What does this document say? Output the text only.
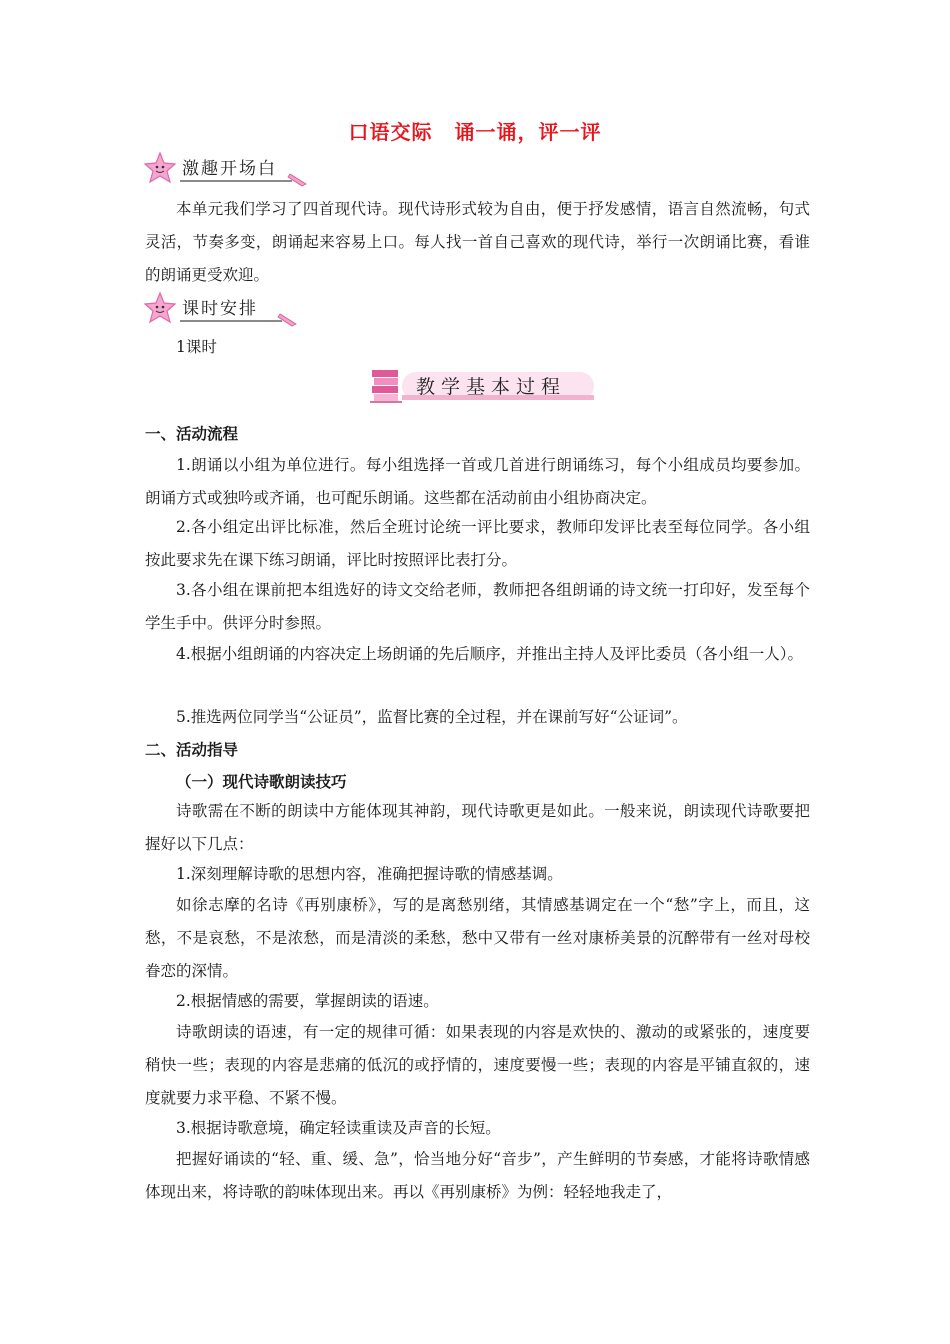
口语交际 诵一诵，评一评
激趣开场白

本单元我们学习了四首现代诗。现代诗形式较为自由，便于抒发感情，语言自然流畅，句式灵活，节奏多变，朗诵起来容易上口。每人找一首自己喜欢的现代诗，举行一次朗诵比赛，看谁的朗诵更受欢迎。

课时安排

1课时

教学基本过程
一、活动流程

1.朗诵以小组为单位进行。每小组选择一首或几首进行朗诵练习，每个小组成员均要参加。朗诵方式或独吟或齐诵，也可配乐朗诵。这些都在活动前由小组协商决定。

2.各小组定出评比标准，然后全班讨论统一评比要求，教师印发评比表至每位同学。各小组按此要求先在课下练习朗诵，评比时按照评比表打分。

3.各小组在课前把本组选好的诗文交给老师，教师把各组朗诵的诗文统一打印好，发至每个学生手中。供评分时参照。

4.根据小组朗诵的内容决定上场朗诵的先后顺序，并推出主持人及评比委员（各小组一人）。

5.推选两位同学当“公证员”，监督比赛的全过程，并在课前写好“公证词”。

二、活动指导
（一）现代诗歌朗读技巧

诗歌需在不断的朗读中方能体现其神韵，现代诗歌更是如此。一般来说，朗读现代诗歌要把握好以下几点：

1.深刻理解诗歌的思想内容，准确把握诗歌的情感基调。

如徐志摩的名诗《再别康桥》，写的是离愁别绪，其情感基调定在一个“愁”字上，而且，这愁，不是哀愁，不是浓愁，而是清淡的柔愁，愁中又带有一丝对康桥美景的沉醉带有一丝对母校眷恋的深情。

2.根据情感的需要，掌握朗读的语速。

诗歌朗读的语速，有一定的规律可循：如果表现的内容是欢快的、激动的或紧张的，速度要稍快一些；表现的内容是悲痛的低沉的或抒情的，速度要慢一些；表现的内容是平铺直叙的，速度就要力求平稳、不紧不慢。

3.根据诗歌意境，确定轻读重读及声音的长短。

把握好诵读的“轻、重、缓、急”，恰当地分好“音步”，产生鲜明的节奏感，才能将诗歌情感体现出来，将诗歌的韵味体现出来。再以《再别康桥》为例：轻轻地我走了，
